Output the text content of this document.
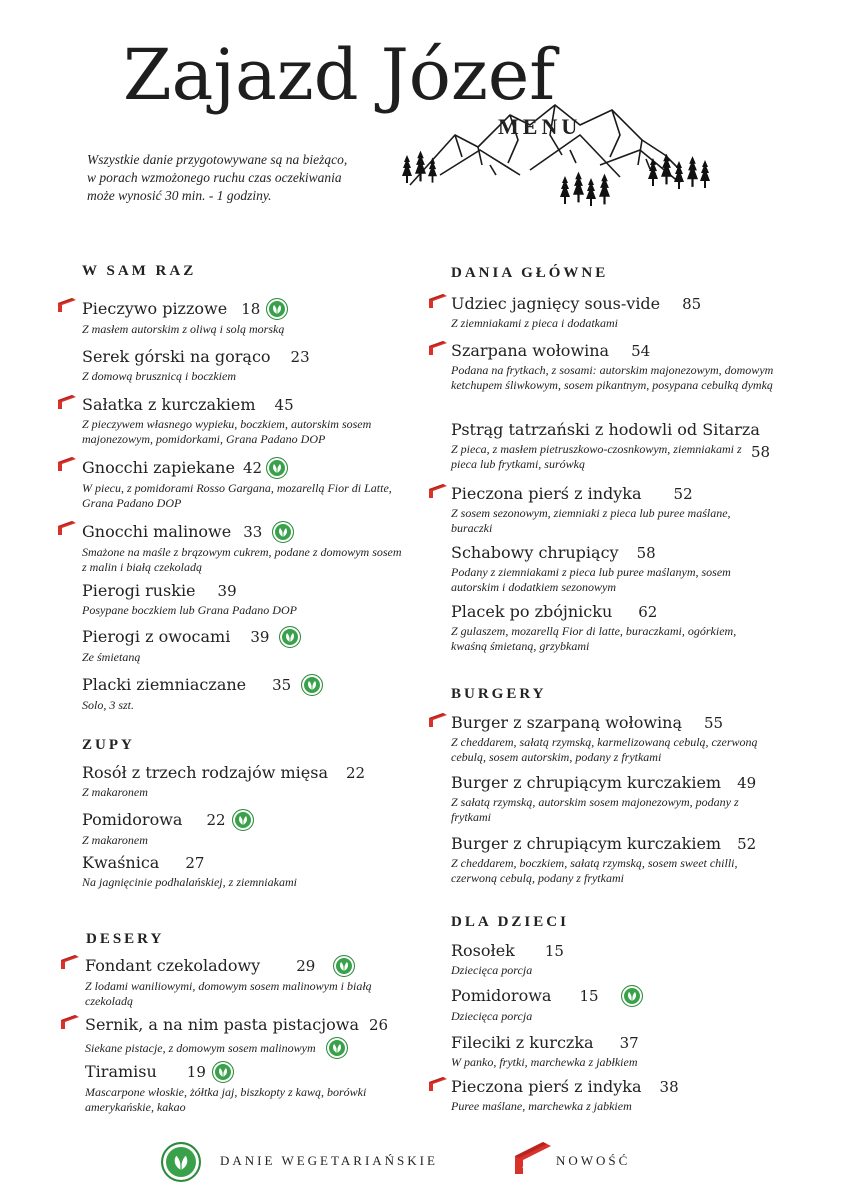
Zajazd Józef
MENU
Wszystkie danie przygotowywane są na bieżąco, w porach wzmożonego ruchu czas oczekiwania może wynosić 30 min. - 1 godziny.
W SAM RAZ
Pieczywo pizzowe 18
Z masłem autorskim z oliwą i solą morską
Serek górski na gorąco 23
Z domową brusznicą i boczkiem
Sałatka z kurczakiem 45
Z pieczywem własnego wypieku, boczkiem, autorskim sosem majonezowym, pomidorkami, Grana Padano DOP
Gnocchi zapiekane 42
W piecu, z pomidorami Rosso Gargana, mozarellą Fior di Latte, Grana Padano DOP
Gnocchi malinowe 33
Smażone na maśle z brązowym cukrem, podane z domowym sosem z malin i białą czekoladą
Pierogi ruskie 39
Posypane boczkiem lub Grana Padano DOP
Pierogi z owocami 39
Ze śmietaną
Placki ziemniaczane 35
Solo, 3 szt.
ZUPY
Rosół z trzech rodzajów mięsa 22
Z makaronem
Pomidorowa 22
Z makaronem
Kwaśnica 27
Na jagnięcinie podhalańskiej, z ziemniakami
DESERY
Fondant czekoladowy 29
Z lodami waniliowymi, domowym sosem malinowym i białą czekoladą
Sernik, a na nim pasta pistacjowa 26
Siekane pistacje, z domowym sosem malinowym
Tiramisu 19
Mascarpone włoskie, żółtka jaj, biszkopty z kawą, borówki amerykańskie, kakao
DANIA GŁÓWNE
Udziec jagnięcy sous-vide 85
Z ziemniakami z pieca i dodatkami
Szarpana wołowina 54
Podana na frytkach, z sosami: autorskim majonezowym, domowym ketchupem śliwkowym, sosem pikantnym, posypana cebulką dymką
Pstrąg tatrzański z hodowli od Sitarza
Z pieca, z masłem pietruszkowo-czosnkowym, ziemniakami z pieca lub frytkami, surówką
58
Pieczona pierś z indyka 52
Z sosem sezonowym, ziemniaki z pieca lub puree maślane, buraczki
Schabowy chrupiący 58
Podany z ziemniakami z pieca lub puree maślanym, sosem autorskim i dodatkiem sezonowym
Placek po zbójnicku 62
Z gulaszem, mozarellą Fior di latte, buraczkami, ogórkiem, kwaśną śmietaną, grzybkami
BURGERY
Burger z szarpaną wołowiną 55
Z cheddarem, sałatą rzymską, karmelizowaną cebulą, czerwoną cebulą, sosem autorskim, podany z frytkami
Burger z chrupiącym kurczakiem 49
Z sałatą rzymską, autorskim sosem majonezowym, podany z frytkami
Burger z chrupiącym kurczakiem 52
Z cheddarem, boczkiem, sałatą rzymską, sosem sweet chilli, czerwoną cebulą, podany z frytkami
DLA DZIECI
Rosołek 15
Dziecięca porcja
Pomidorowa 15
Dziecięca porcja
Fileciki z kurczka 37
W panko, frytki, marchewka z jabłkiem
Pieczona pierś z indyka 38
Puree maślane, marchewka z jabkiem
DANIE WEGETARIAŃSKIE	NEW NOWOŚĆ
